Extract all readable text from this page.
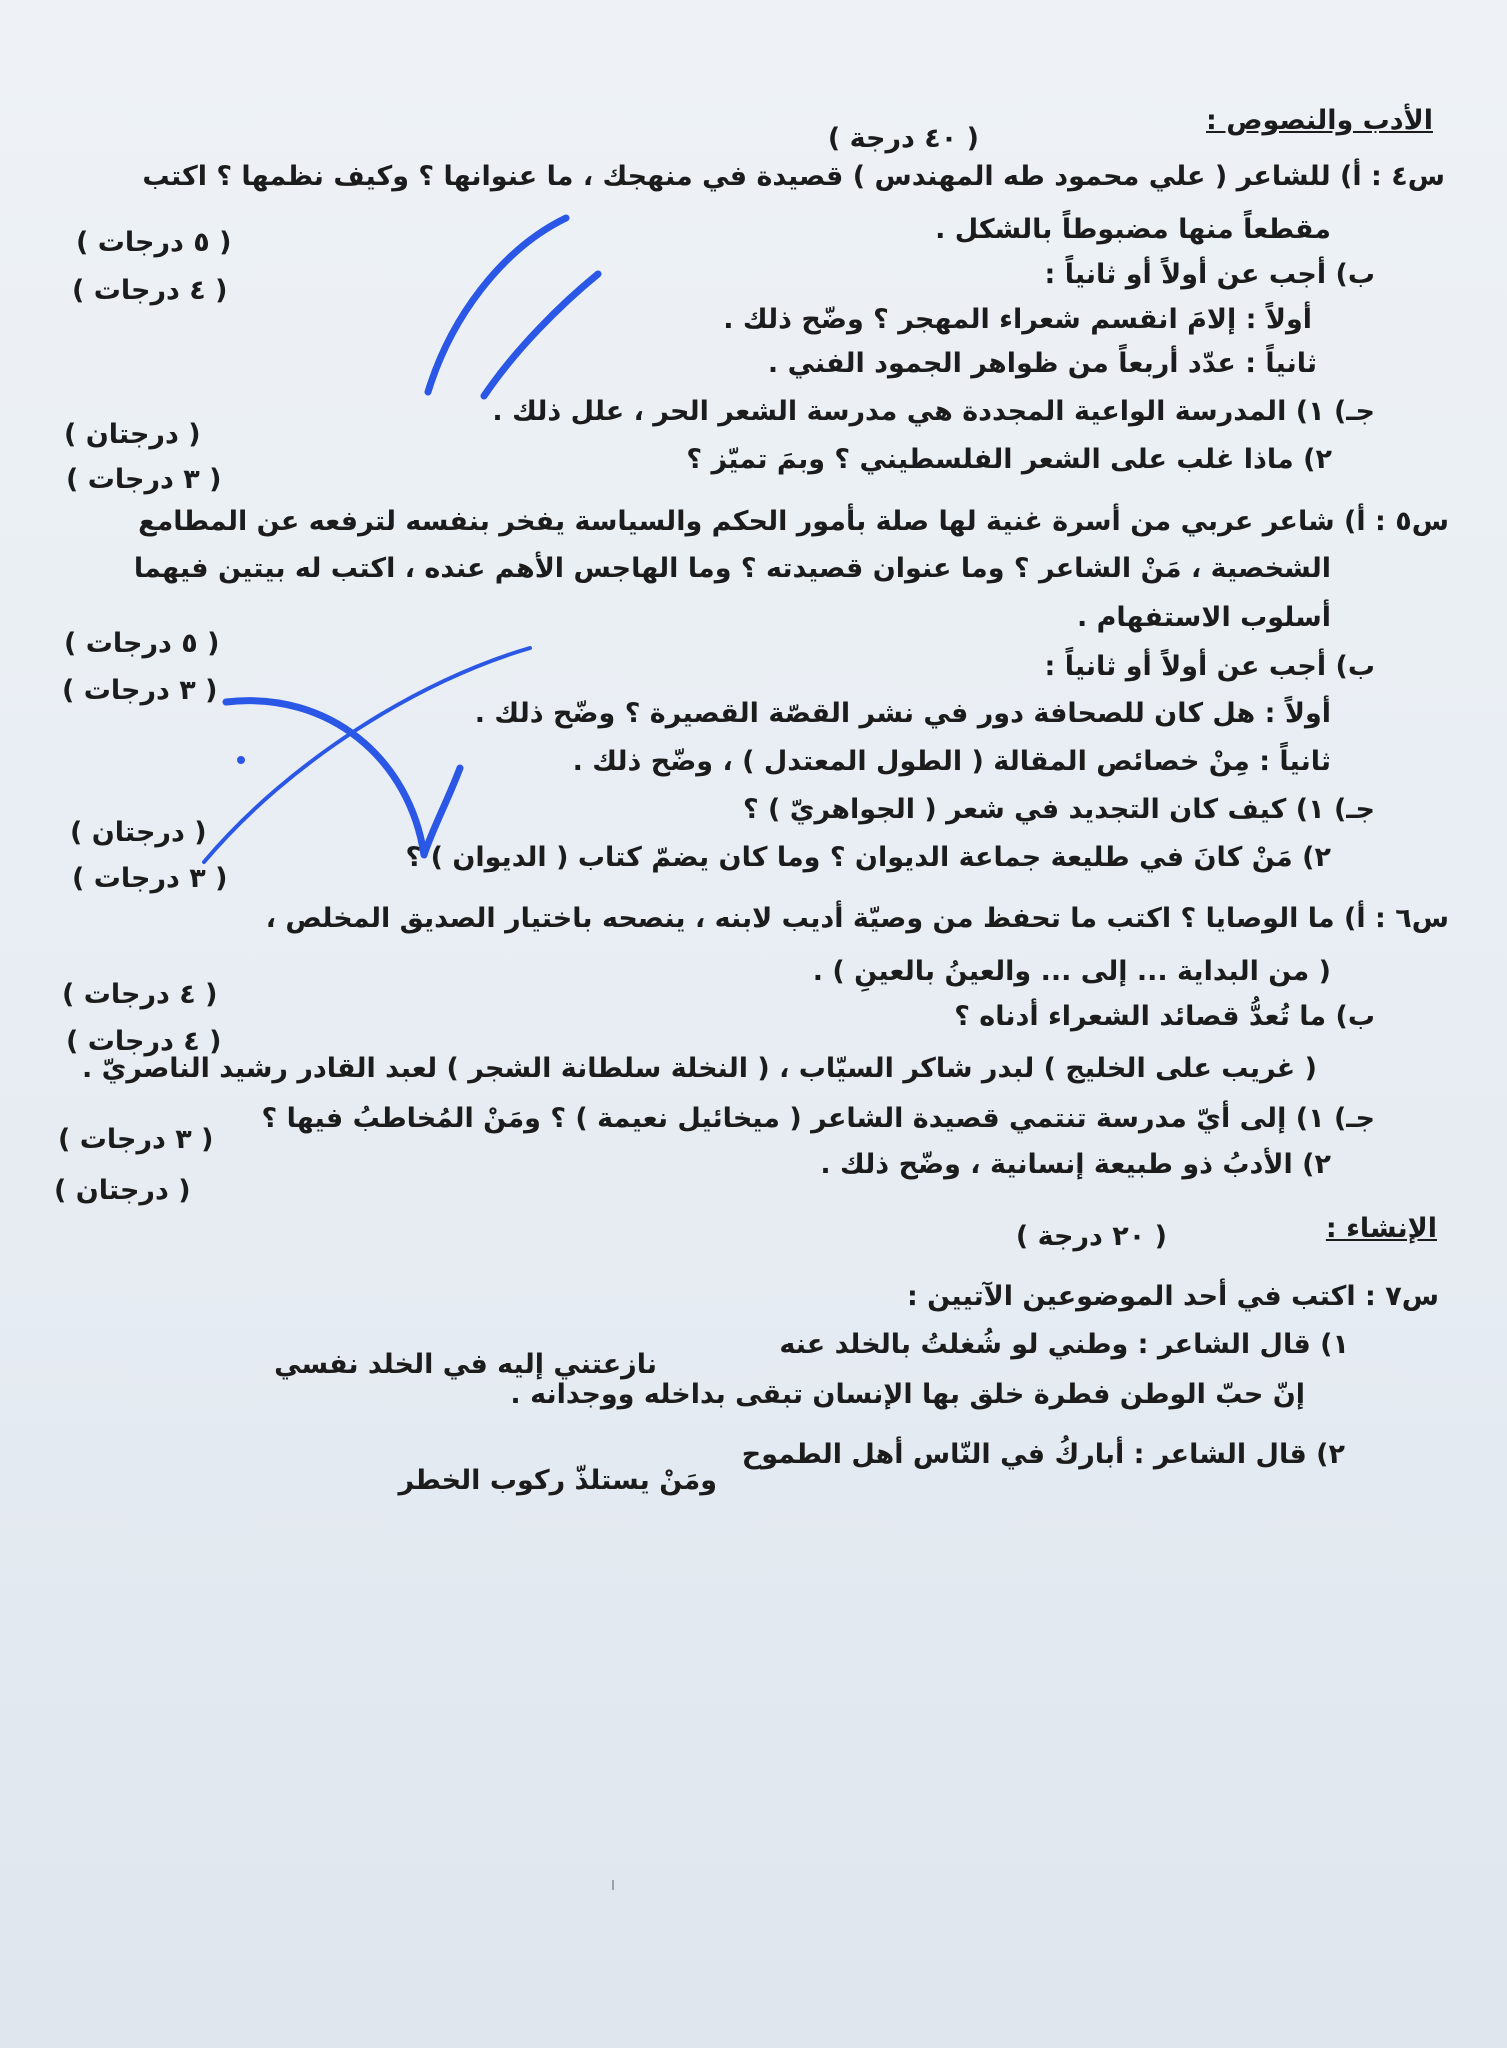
الأدب والنصوص :
( ٤٠ درجة )
س٤ : أ) للشاعر ( علي محمود طه المهندس ) قصيدة في منهجك ، ما عنوانها ؟ وكيف نظمها ؟ اكتب
مقطعاً منها مضبوطاً بالشكل .
ب) أجب عن أولاً أو ثانياً :
أولاً : إلامَ انقسم شعراء المهجر ؟ وضّح ذلك .
ثانياً : عدّد أربعاً من ظواهر الجمود الفني .
جـ) ١) المدرسة الواعية المجددة هي مدرسة الشعر الحر ، علل ذلك .
٢) ماذا غلب على الشعر الفلسطيني ؟ وبمَ تميّز ؟
( ٥ درجات )
( ٤ درجات )
( درجتان )
( ٣ درجات )
س٥ : أ) شاعر عربي من أسرة غنية لها صلة بأمور الحكم والسياسة يفخر بنفسه لترفعه عن المطامع
الشخصية ، مَنْ الشاعر ؟ وما عنوان قصيدته ؟ وما الهاجس الأهم عنده ، اكتب له بيتين فيهما
أسلوب الاستفهام .
ب) أجب عن أولاً أو ثانياً :
أولاً : هل كان للصحافة دور في نشر القصّة القصيرة ؟ وضّح ذلك .
ثانياً : مِنْ خصائص المقالة ( الطول المعتدل ) ، وضّح ذلك .
جـ) ١) كيف كان التجديد في شعر ( الجواهريّ ) ؟
٢) مَنْ كانَ في طليعة جماعة الديوان ؟ وما كان يضمّ كتاب ( الديوان ) ؟
( ٥ درجات )
( ٣ درجات )
( درجتان )
( ٣ درجات )
س٦ : أ) ما الوصايا ؟ اكتب ما تحفظ من وصيّة أديب لابنه ، ينصحه باختيار الصديق المخلص ،
( من البداية ... إلى ... والعينُ بالعينِ ) .
ب) ما تُعدُّ قصائد الشعراء أدناه ؟
( غريب على الخليج ) لبدر شاكر السيّاب ، ( النخلة سلطانة الشجر ) لعبد القادر رشيد الناصريّ .
جـ) ١) إلى أيّ مدرسة تنتمي قصيدة الشاعر ( ميخائيل نعيمة ) ؟ ومَنْ المُخاطبُ فيها ؟
٢) الأدبُ ذو طبيعة إنسانية ، وضّح ذلك .
( ٤ درجات )
( ٤ درجات )
( ٣ درجات )
( درجتان )
الإنشاء :
( ٢٠ درجة )
س٧ : اكتب في أحد الموضوعين الآتيين :
١) قال الشاعر : وطني لو شُغلتُ بالخلد عنه
نازعتني إليه في الخلد نفسي
إنّ حبّ الوطن فطرة خلق بها الإنسان تبقى بداخله ووجدانه .
٢) قال الشاعر : أباركُ في النّاس أهل الطموح
ومَنْ يستلذّ ركوب الخطر
